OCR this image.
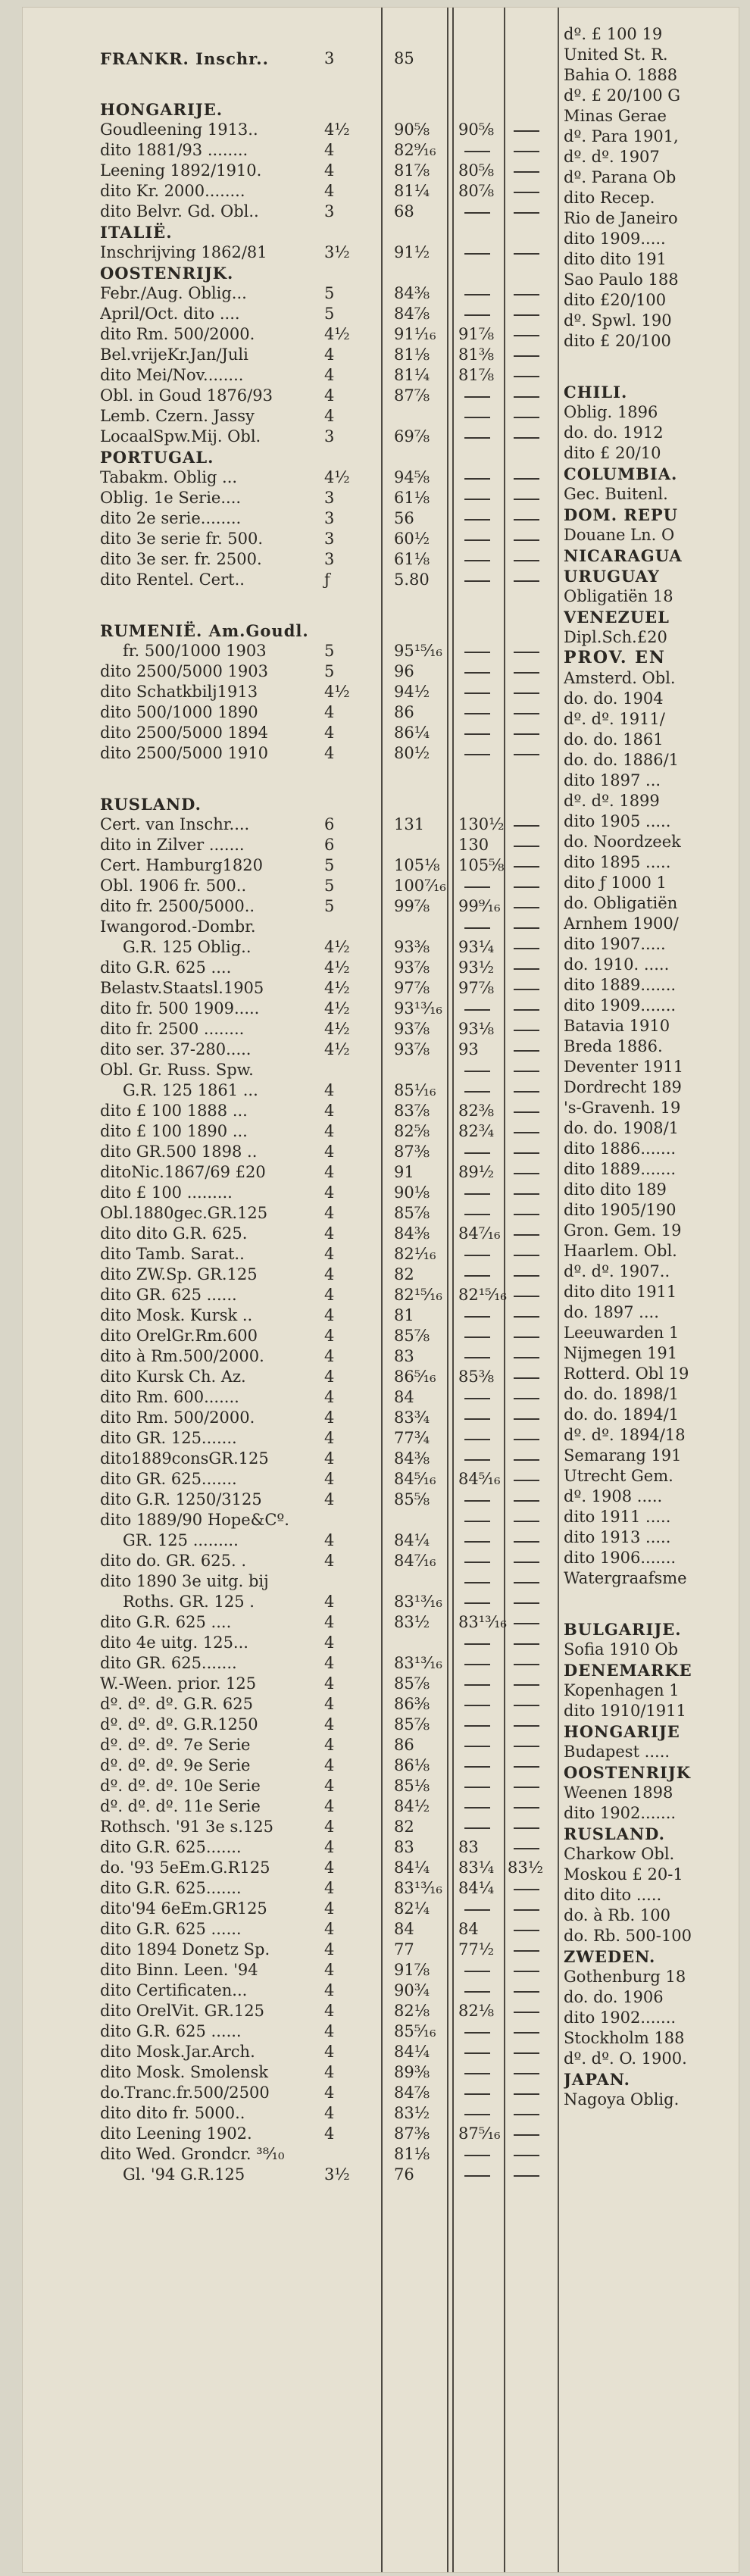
FRANKR. Inschr..	3	85
HONGARIJE.
Goudleening 1913..	4½	90⅝	90⅝
dito 1881/93 ........	4	82⁹⁄₁₆
Leening 1892/1910.	4	81⅞	80⅝
dito Kr. 2000........	4	81¼	80⅞
dito Belvr. Gd. Obl..	3	68
ITALIË.
Inschrijving 1862/81	3½	91½
OOSTENRIJK.
Febr./Aug. Oblig...	5	84⅜
April/Oct. dito ....	5	84⅞
dito Rm. 500/2000.	4½	91¹⁄₁₆	91⅞
Bel.vrijeKr.Jan/Juli	4	81⅛	81⅜
dito Mei/Nov........	4	81¼	81⅞
Obl. in Goud 1876/93	4	87⅞
Lemb. Czern. Jassy	4
LocaalSpw.Mij. Obl.	3	69⅞
PORTUGAL.
Tabakm. Oblig ...	4½	94⅝
Oblig. 1e Serie....	3	61⅛
dito 2e serie........	3	56
dito 3e serie fr. 500.	3	60½
dito 3e ser. fr. 2500.	3	61⅛
dito Rentel. Cert..	ƒ	5.80
RUMENIË. Am.Goudl.
fr. 500/1000 1903	5	95¹⁵⁄₁₆
dito 2500/5000 1903	5	96
dito Schatkbilj1913	4½	94½
dito 500/1000 1890	4	86
dito 2500/5000 1894	4	86¼
dito 2500/5000 1910	4	80½
RUSLAND.
Cert. van Inschr....	6	131	130½
dito in Zilver .......	6	130
Cert. Hamburg1820	5	105⅛	105⅝
Obl. 1906 fr. 500..	5	100⁷⁄₁₆
dito fr. 2500/5000..	5	99⅞	99⁹⁄₁₆
Iwangorod.-Dombr.
G.R. 125 Oblig..	4½	93⅜	93¼
dito G.R. 625 ....	4½	93⅞	93½
Belastv.Staatsl.1905	4½	97⅞	97⅞
dito fr. 500 1909.....	4½	93¹³⁄₁₆
dito fr. 2500 ........	4½	93⅞	93⅛
dito ser. 37-280.....	4½	93⅞	93
Obl. Gr. Russ. Spw.
G.R. 125 1861 ...	4	85¹⁄₁₆
dito £ 100 1888 ...	4	83⅞	82⅜
dito £ 100 1890 ...	4	82⅝	82¾
dito GR.500 1898 ..	4	87⅜
ditoNic.1867/69 £20	4	91	89½
dito £ 100 .........	4	90⅛
Obl.1880gec.GR.125	4	85⅞
dito dito G.R. 625.	4	84⅜	84⁷⁄₁₆
dito Tamb. Sarat..	4	82¹⁄₁₆
dito ZW.Sp. GR.125	4	82
dito GR. 625 ......	4	82¹⁵⁄₁₆ 82¹⁵⁄₁₆
dito Mosk. Kursk ..	4	81
dito OrelGr.Rm.600	4	85⅞
dito à Rm.500/2000.	4	83
dito Kursk Ch. Az.	4	86⁵⁄₁₆	85⅜
dito Rm. 600.......	4	84
dito Rm. 500/2000.	4	83¾
dito GR. 125.......	4	77¾
dito1889consGR.125	4	84⅜
dito GR. 625.......	4	84⁵⁄₁₆	84⁵⁄₁₆
dito G.R. 1250/3125	4	85⅝
dito 1889/90 Hope&Cº.
GR. 125 .........	4	84¼
dito do. GR. 625. .	4	84⁷⁄₁₆
dito 1890 3e uitg. bij
Roths. GR. 125 .	4	83¹³⁄₁₆
dito G.R. 625 ....	4	83½	83¹³⁄₁₆
dito 4e uitg. 125...	4
dito GR. 625.......	4	83¹³⁄₁₆
W.-Ween. prior. 125	4	85⅞
dº. dº. dº. G.R. 625	4	86⅜
dº. dº. dº. G.R.1250	4	85⅞
dº. dº. dº. 7e Serie	4	86
dº. dº. dº. 9e Serie	4	86⅛
dº. dº. dº. 10e Serie	4	85⅛
dº. dº. dº. 11e Serie	4	84½
Rothsch. '91 3e s.125	4	82
dito G.R. 625.......	4	83	83
do. '93 5eEm.G.R125	4	84¼	83¼ 83½
dito G.R. 625.......	4	83¹³⁄₁₆ 84¼
dito'94 6eEm.GR125	4	82¼
dito G.R. 625 ......	4	84	84
dito 1894 Donetz Sp.	4	77	77½
dito Binn. Leen. '94	4	91⅞
dito Certificaten...	4	90¾
dito OrelVit. GR.125	4	82⅛	82⅛
dito G.R. 625 ......	4	85⁵⁄₁₆
dito Mosk.Jar.Arch.	4	84¼
dito Mosk. Smolensk	4	89⅜
do.Tranc.fr.500/2500	4	84⅞
dito dito fr. 5000..	4	83½
dito Leening 1902.	4	87⅜	87⁵⁄₁₆
dito Wed. Grondcr. ³⁸⁄₁₀	81⅛
Gl. '94 G.R.125	3½	76
dº. £ 100 19
United St. R.
Bahia O. 1888
dº. £ 20/100 G
Minas Gerae
dº. Para 1901,
dº. dº. 1907
dº. Parana Ob
dito Recep.
Rio de Janeiro
dito 1909.....
dito dito 191
Sao Paulo 188
dito £20/100
dº. Spwl. 190
dito £ 20/100
CHILI.
Oblig. 1896
do. do. 1912
dito £ 20/10
COLUMBIA.
Gec. Buitenl.
DOM. REPU
Douane Ln. O
NICARAGUA
URUGUAY
Obligatiën 18
VENEZUEL
Dipl.Sch.£20
PROV. EN
Amsterd. Obl.
do. do. 1904
dº. dº. 1911/
do. do. 1861
do. do. 1886/1
dito 1897 ...
dº. dº. 1899
dito 1905 .....
do. Noordzeek
dito 1895 .....
dito ƒ 1000 1
do. Obligatiën
Arnhem 1900/
dito 1907.....
do. 1910. .....
dito 1889.......
dito 1909.......
Batavia 1910
Breda 1886.
Deventer 1911
Dordrecht 189
's-Gravenh. 19
do. do. 1908/1
dito 1886.......
dito 1889.......
dito dito 189
dito 1905/190
Gron. Gem. 19
Haarlem. Obl.
dº. dº. 1907..
dito dito 1911
do. 1897 ....
Leeuwarden 1
Nijmegen 191
Rotterd. Obl 19
do. do. 1898/1
do. do. 1894/1
dº. dº. 1894/18
Semarang 191
Utrecht Gem.
dº. 1908 .....
dito 1911 .....
dito 1913 .....
dito 1906.......
Watergraafsme
BULGARIJE.
Sofia 1910 Ob
DENEMARKE
Kopenhagen 1
dito 1910/1911
HONGARIJE
Budapest .....
OOSTENRIJK
Weenen 1898
dito 1902.......
RUSLAND.
Charkow Obl.
Moskou £ 20-1
dito dito .....
do. à Rb. 100
do. Rb. 500-100
ZWEDEN.
Gothenburg 18
do. do. 1906
dito 1902.......
Stockholm 188
dº. dº. O. 1900.
JAPAN.
Nagoya Oblig.
